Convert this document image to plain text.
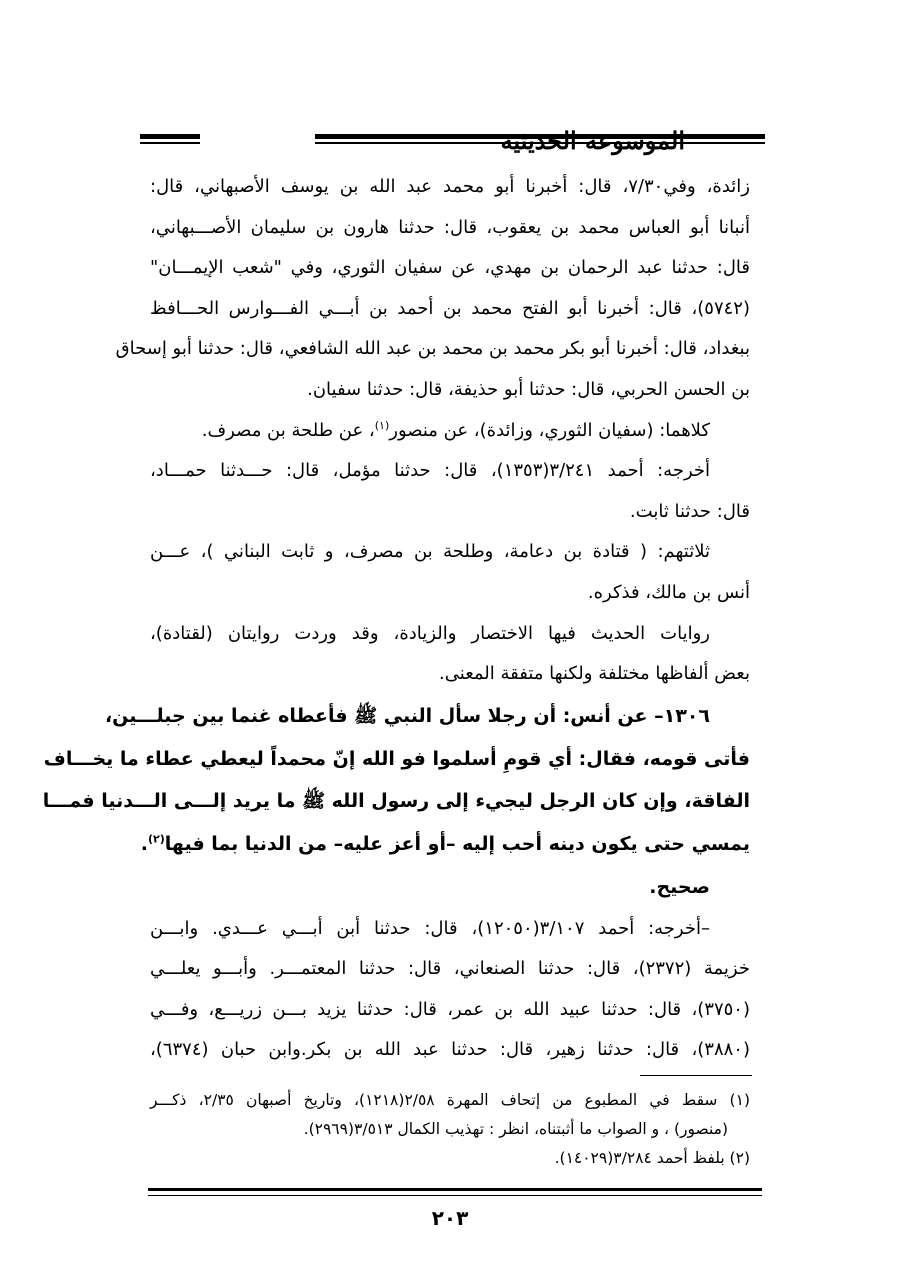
الموسوعة الحديثية
زائدة، وفي٧/٣٠، قال: أخبرنا أبو محمد عبد الله بن يوسف الأصبهاني، قال:
أنبانا أبو العباس محمد بن يعقوب، قال: حدثنا هارون بن سليمان الأصـــبهاني،
قال: حدثنا عبد الرحمان بن مهدي، عن سفيان الثوري، وفي "شعب الإيمـــان"
(٥٧٤٢)، قال: أخبرنا أبو الفتح محمد بن أحمد بن أبـــي الفـــوارس الحـــافظ
ببغداد، قال: أخبرنا أبو بكر محمد بن محمد بن عبد الله الشافعي، قال: حدثنا أبو إسحاق
بن الحسن الحربي، قال: حدثنا أبو حذيفة، قال: حدثنا سفيان.
كلاهما: (سفيان الثوري، وزائدة)، عن منصور$^{(١)}$، عن طلحة بن مصرف.
أخرجه: أحمد ٣/٢٤١(١٣٥٣)، قال: حدثنا مؤمل، قال: حـــدثنا حمـــاد،
قال: حدثنا ثابت.
ثلاثتهم: ( قتادة بن دعامة، وطلحة بن مصرف، و ثابت البناني )، عـــن
أنس بن مالك، فذكره.
روايات الحديث فيها الاختصار والزيادة، وقد وردت روايتان (لقتادة)،
بعض ألفاظها مختلفة ولكنها متفقة المعنى.
١٣٠٦– عن أنس: أن رجلا سأل النبي ﷺ فأعطاه غنما بين جبلـــين،
فأتى قومه، فقال: أي قومِ أسلموا فو الله إنّ محمداً ليعطي عطاء ما يخـــاف
الفاقة، وإن كان الرجل ليجيء إلى رسول الله ﷺ ما يريد إلـــى الـــدنيا فمـــا
يمسي حتى يكون دينه أحب إليه –أو أعز عليه– من الدنيا بما فيها$^{(٢)}$.
صحيح.
–أخرجه: أحمد ٣/١٠٧(١٢٠٥٠)، قال: حدثنا أبن أبـــي عـــدي. وابـــن
خزيمة (٢٣٧٢)، قال: حدثنا الصنعاني، قال: حدثنا المعتمـــر. وأبـــو يعلـــي
(٣٧٥٠)، قال: حدثنا عبيد الله بن عمر، قال: حدثنا يزيد بـــن زريـــع، وفـــي
(٣٨٨٠)، قال: حدثنا زهير، قال: حدثنا عبد الله بن بكر.وابن حبان (٦٣٧٤)،
(١) سقط في المطبوع من إتحاف المهرة ٢/٥٨(١٢١٨)، وتاريخ أصبهان ٢/٣٥، ذكـــر
(منصور) ، و الصواب ما أثبتناه، انظر : تهذيب الكمال ٣/٥١٣(٢٩٦٩).
(٢) بلفظ أحمد ٣/٢٨٤(١٤٠٢٩).
٢٠٣
